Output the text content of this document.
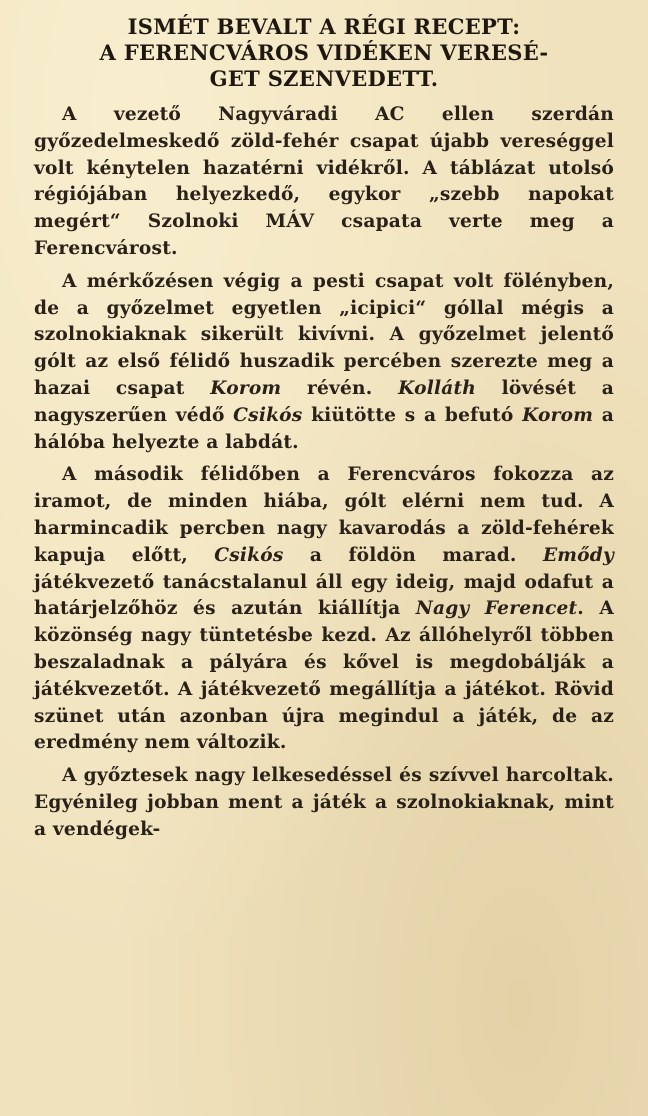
ISMÉT BEVALT A RÉGI RECEPT:
A FERENCVÁROS VIDÉKEN VERESÉ-
GET SZENVEDETT.

A vezető Nagyváradi AC ellen szerdán győzedelmeskedő zöld-fehér csapat újabb vereséggel volt kénytelen hazatérni vidékről. A táblázat utolsó régiójában helyezkedő, egykor „szebb napokat megért“ Szolnoki MÁV csapata verte meg a Ferencvárost.

A mérkőzésen végig a pesti csapat volt fölényben, de a győzelmet egyetlen „icipici“ góllal mégis a szolnokiaknak sikerült kivívni. A győzelmet jelentő gólt az első félidő huszadik percében szerezte meg a hazai csapat Korom révén. Kolláth lövését a nagyszerűen védő Csikós kiütötte s a befutó Korom a hálóba helyezte a labdát.

A második félidőben a Ferencváros fokozza az iramot, de minden hiába, gólt elérni nem tud. A harmincadik percben nagy kavarodás a zöld-fehérek kapuja előtt, Csikós a földön marad. Emődy játékvezető tanácstalanul áll egy ideig, majd odafut a határjelzőhöz és azután kiállítja Nagy Ferencet. A közönség nagy tüntetésbe kezd. Az állóhelyről többen beszaladnak a pályára és kővel is megdobálják a játékvezetőt. A játékvezető megállítja a játékot. Rövid szünet után azonban újra megindul a játék, de az eredmény nem változik.

A győztesek nagy lelkesedéssel és szívvel harcoltak. Egyénileg jobban ment a játék a szolnokiaknak, mint a vendégek-
